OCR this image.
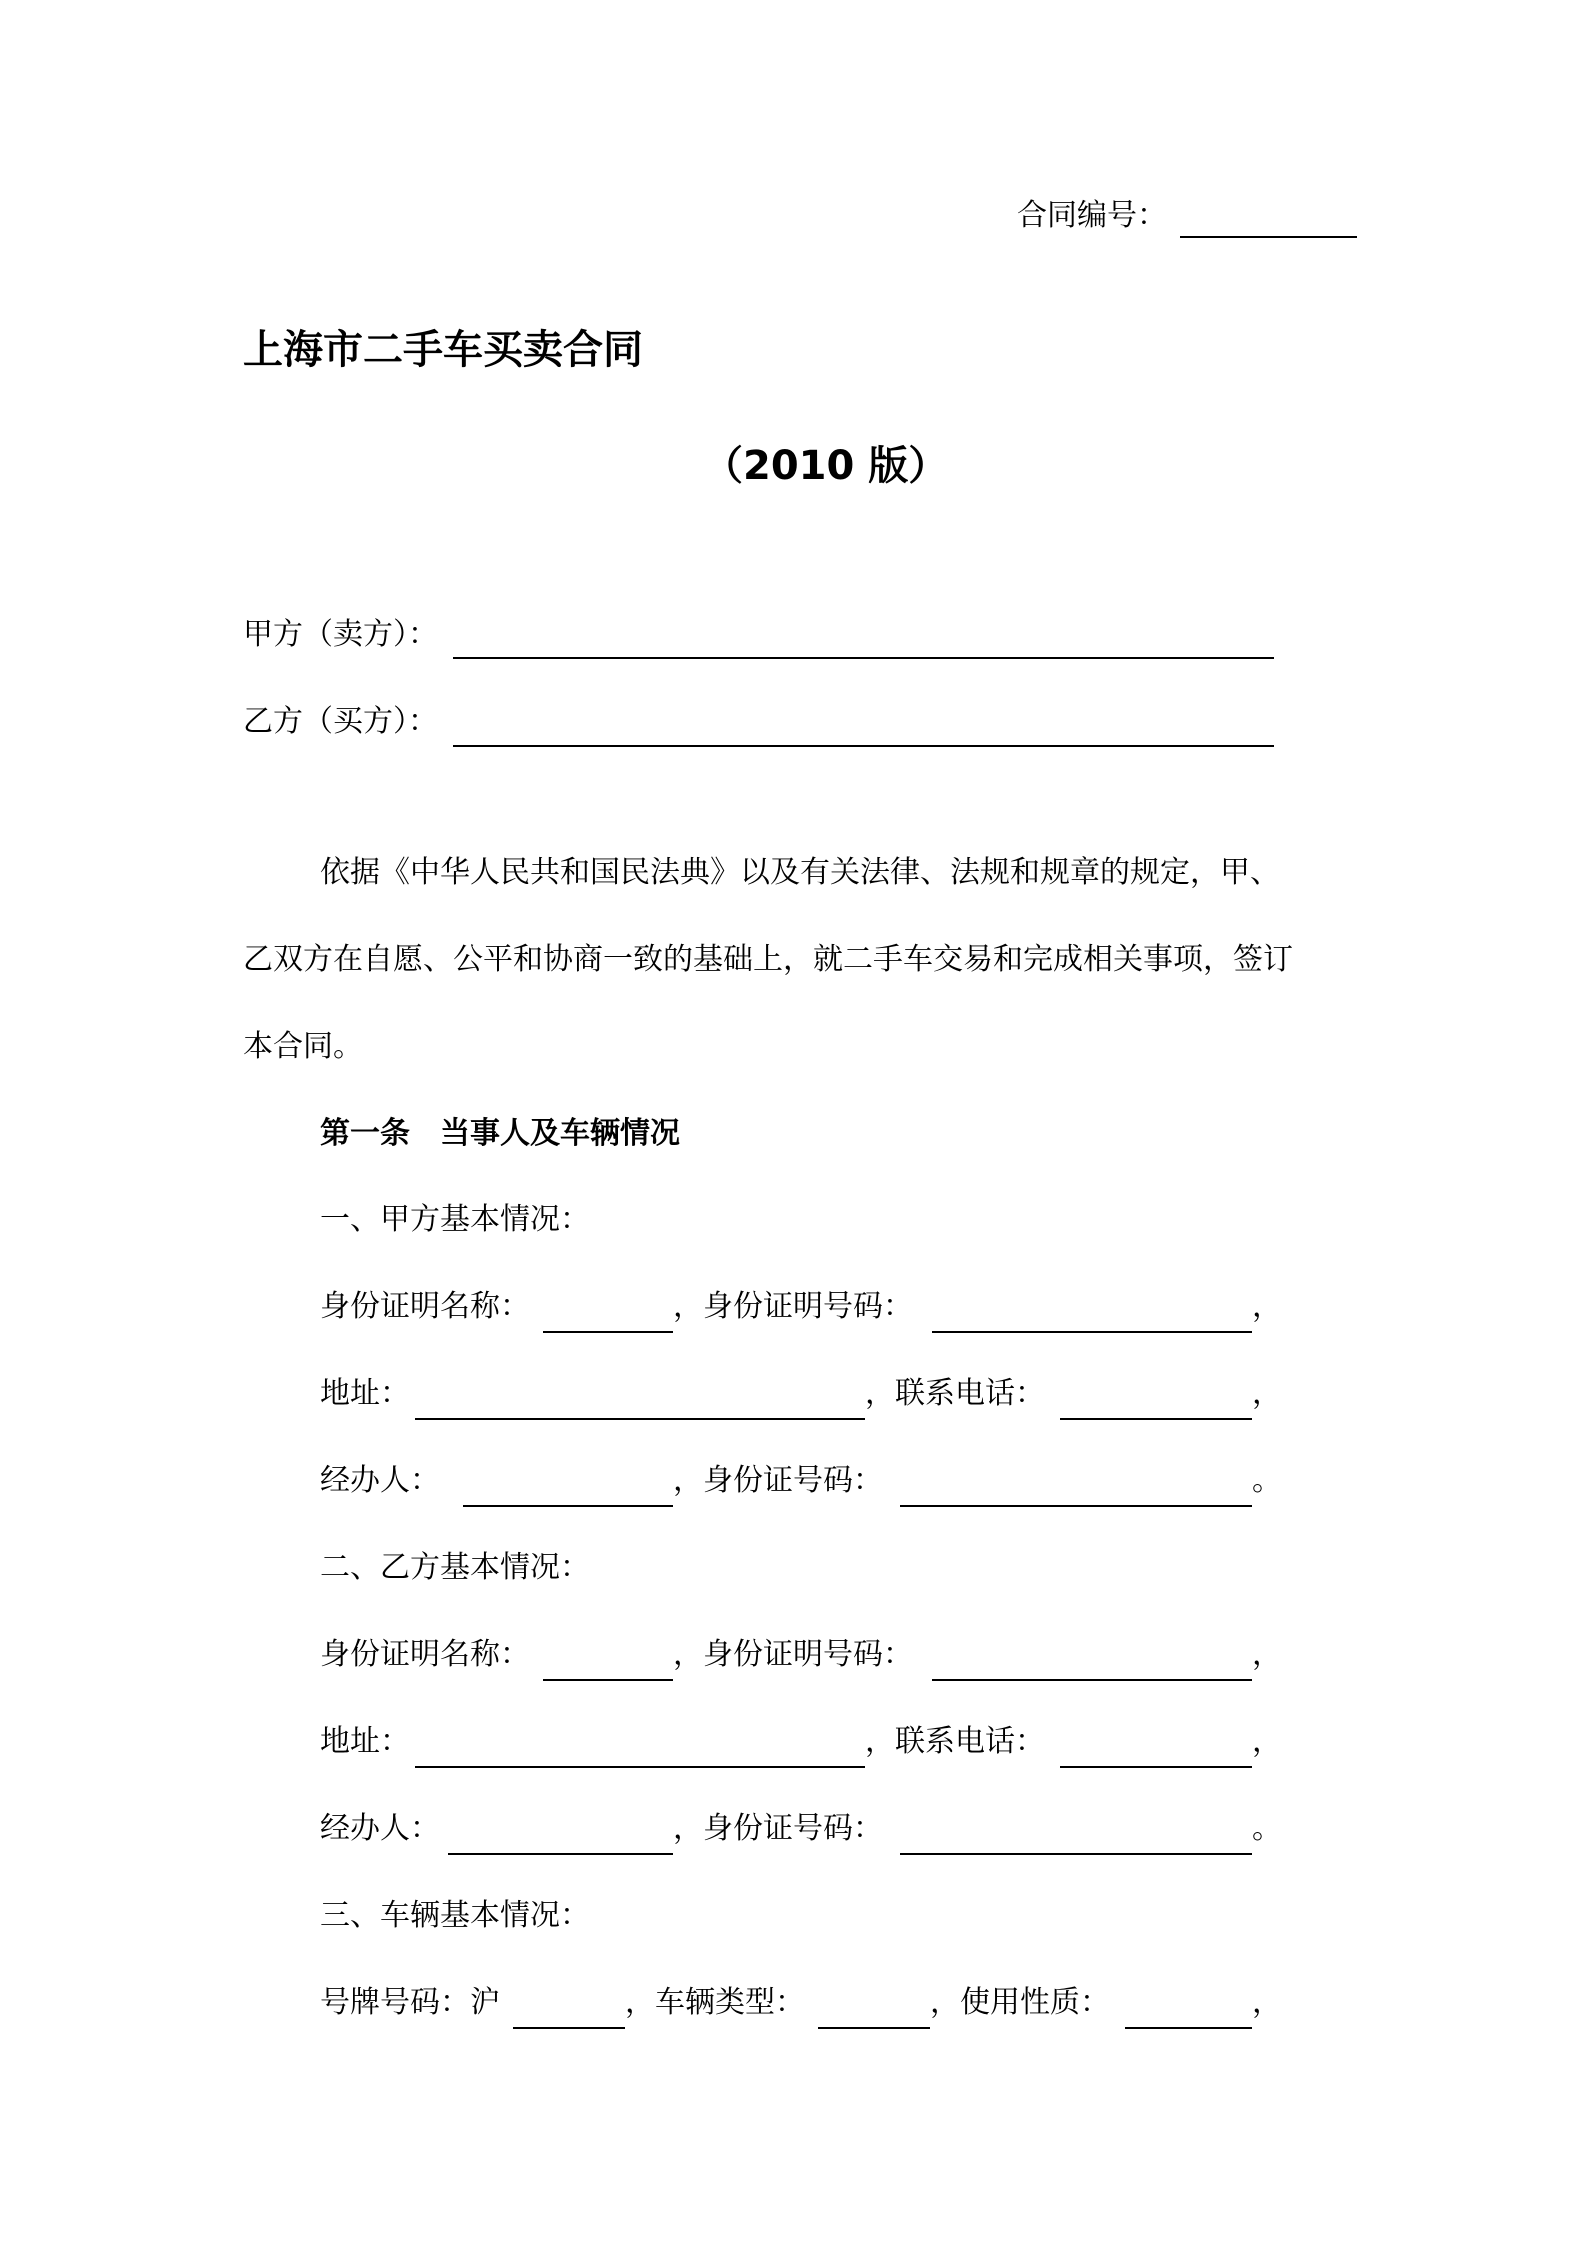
合同编号：
上海市二手车买卖合同
（2010 版）
甲方（卖方）：
乙方（买方）：
依据《中华人民共和国民法典》以及有关法律、法规和规章的规定，甲、
乙双方在自愿、公平和协商一致的基础上，就二手车交易和完成相关事项，签订
本合同。
第一条　当事人及车辆情况
一、甲方基本情况：
身份证明名称：	，身份证明号码：	，
地址：	，联系电话：	，
经办人：	，身份证号码：	。
二、乙方基本情况：
身份证明名称：	，身份证明号码：	，
地址：	，联系电话：	，
经办人：	，身份证号码：	。
三、车辆基本情况：
号牌号码：沪	，车辆类型：	，使用性质：	，
